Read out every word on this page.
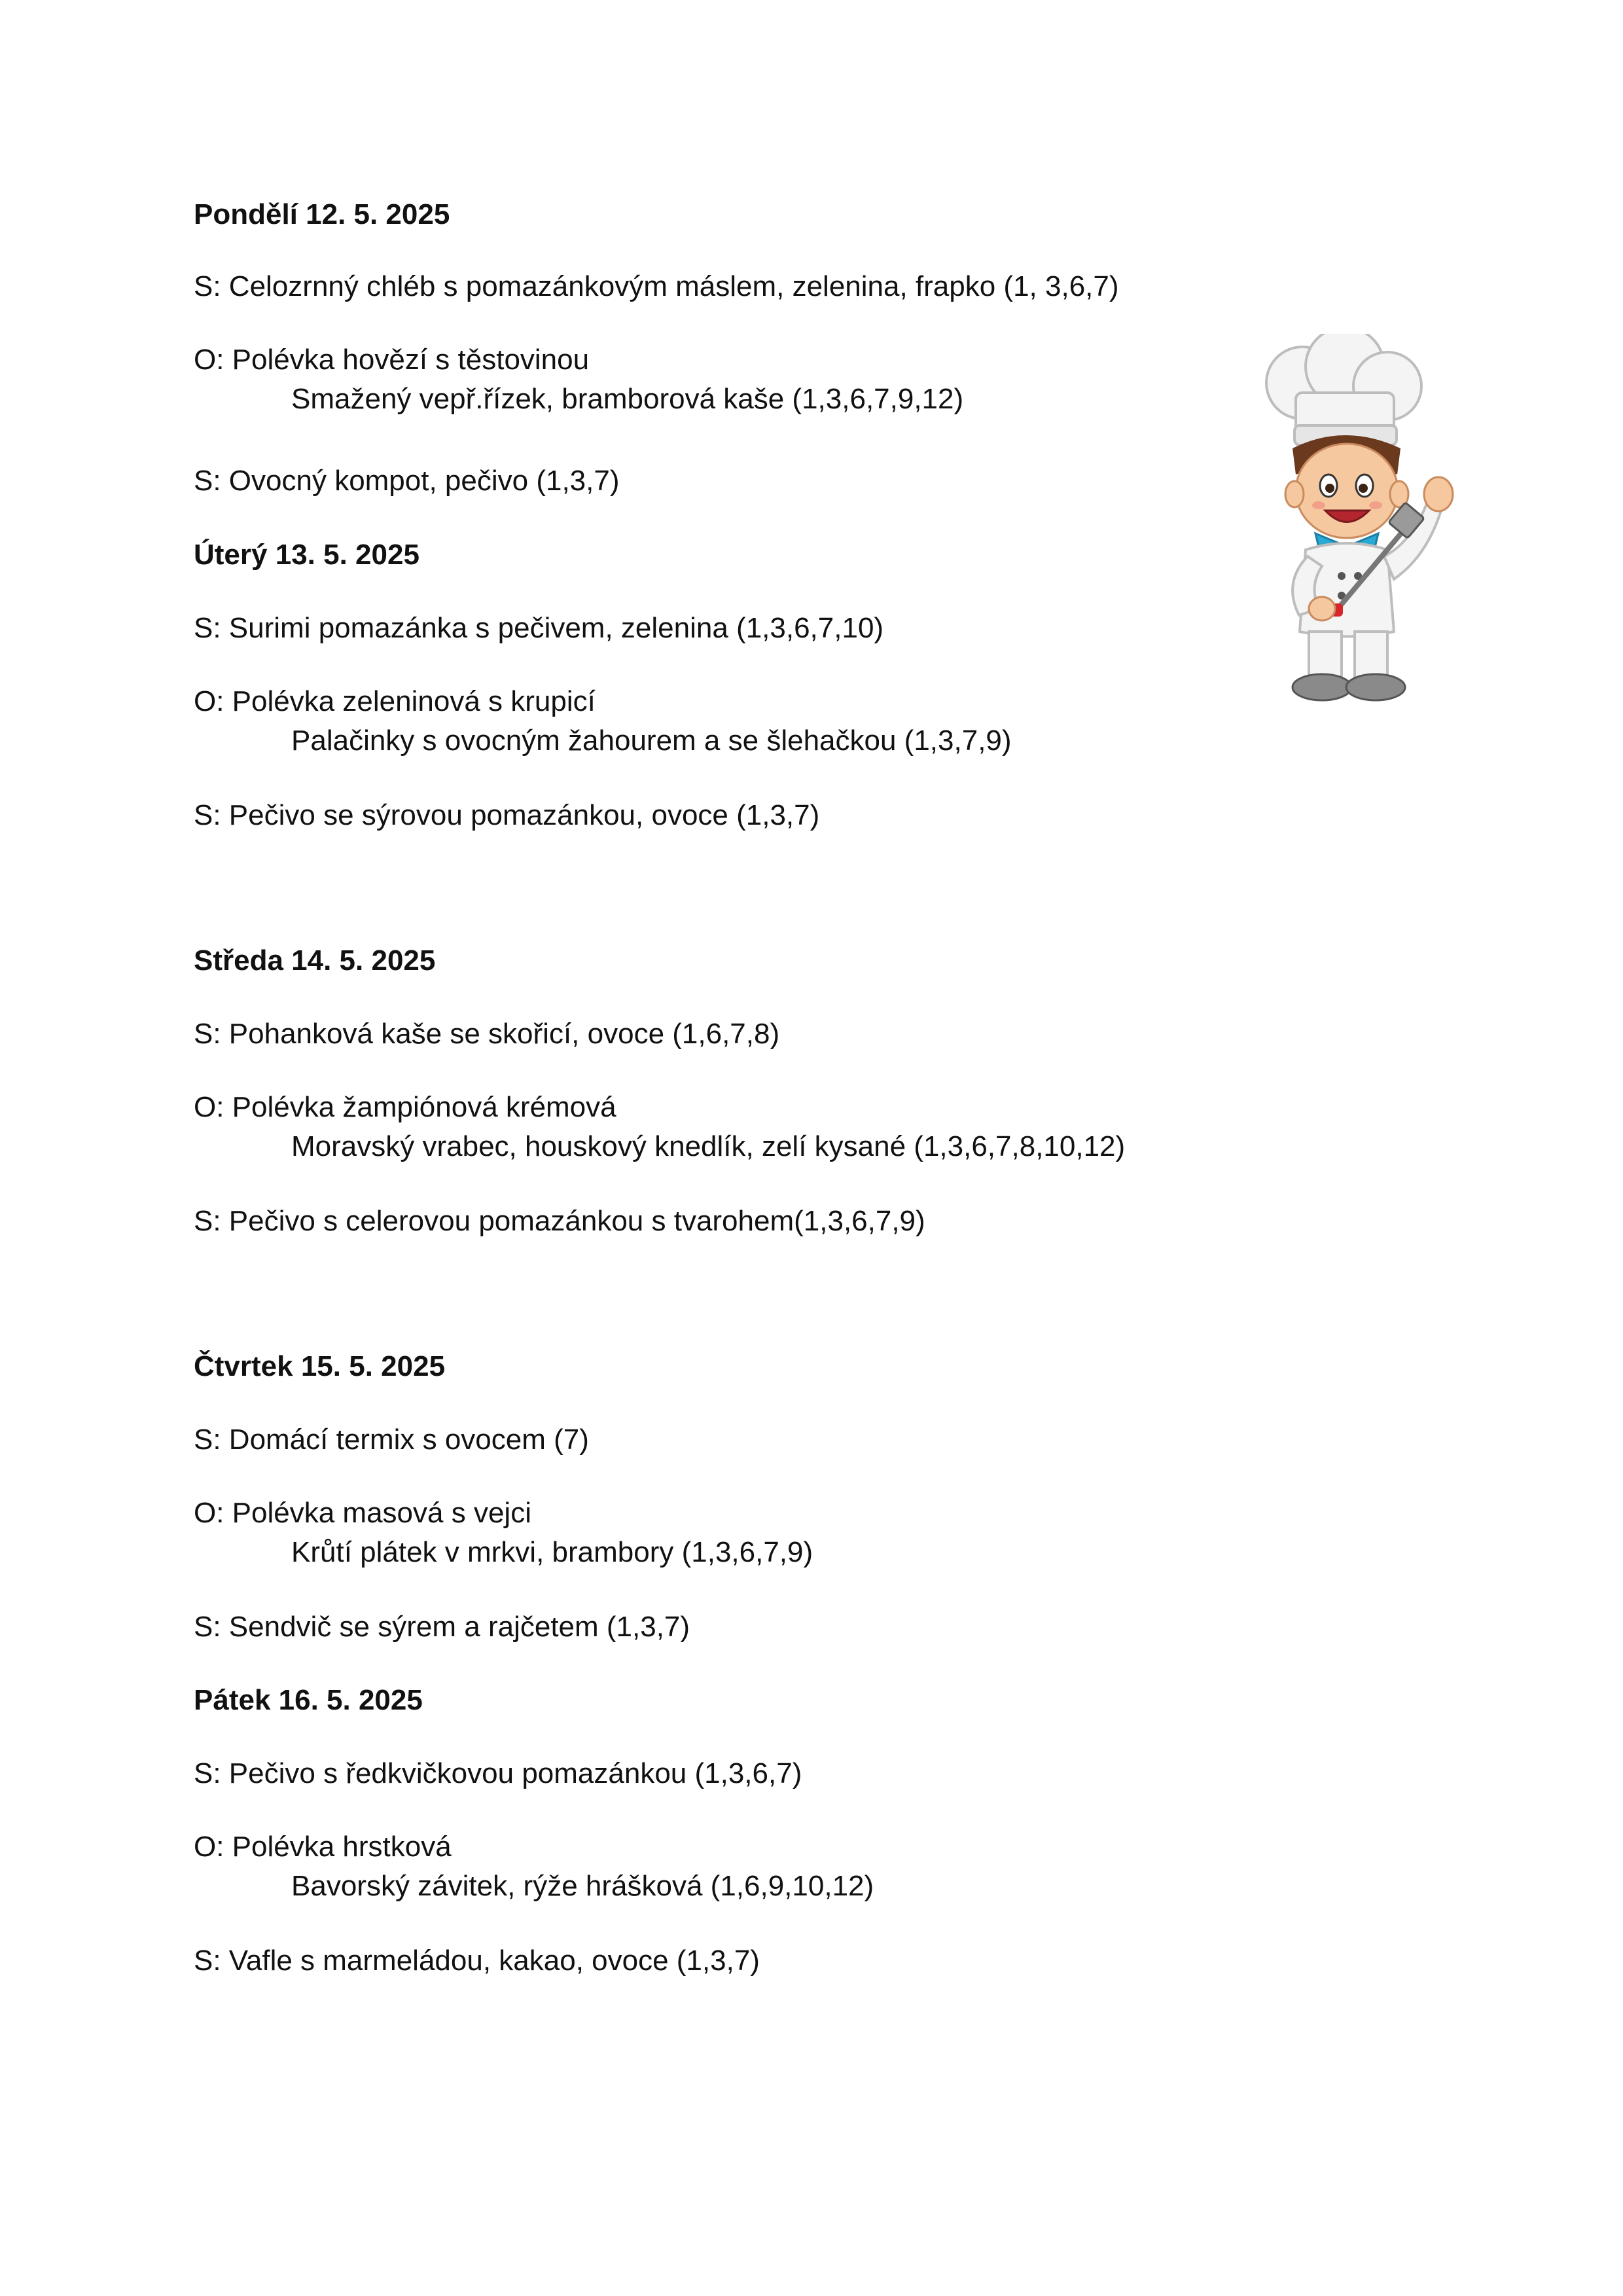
Pondělí 12. 5. 2025
S: Celozrnný chléb s pomazánkovým máslem, zelenina, frapko (1, 3,6,7)
O: Polévka hovězí s těstovinou
Smažený vepř.řízek, bramborová kaše (1,3,6,7,9,12)
S: Ovocný kompot, pečivo (1,3,7)
Úterý 13. 5. 2025
S: Surimi pomazánka s pečivem, zelenina (1,3,6,7,10)
O: Polévka zeleninová s krupicí
Palačinky s ovocným žahourem a se šlehačkou (1,3,7,9)
S: Pečivo se sýrovou pomazánkou, ovoce (1,3,7)
Středa 14. 5. 2025
S: Pohanková kaše se skořicí, ovoce (1,6,7,8)
O: Polévka žampiónová krémová
Moravský vrabec, houskový knedlík, zelí kysané (1,3,6,7,8,10,12)
S: Pečivo s celerovou pomazánkou s tvarohem(1,3,6,7,9)
Čtvrtek 15. 5. 2025
S: Domácí termix s ovocem (7)
O: Polévka masová s vejci
Krůtí plátek v mrkvi, brambory (1,3,6,7,9)
S: Sendvič se sýrem a rajčetem (1,3,7)
Pátek 16. 5. 2025
S: Pečivo s ředkvičkovou pomazánkou (1,3,6,7)
O: Polévka hrstková
Bavorský závitek, rýže hrášková (1,6,9,10,12)
S: Vafle s marmeládou, kakao, ovoce (1,3,7)
